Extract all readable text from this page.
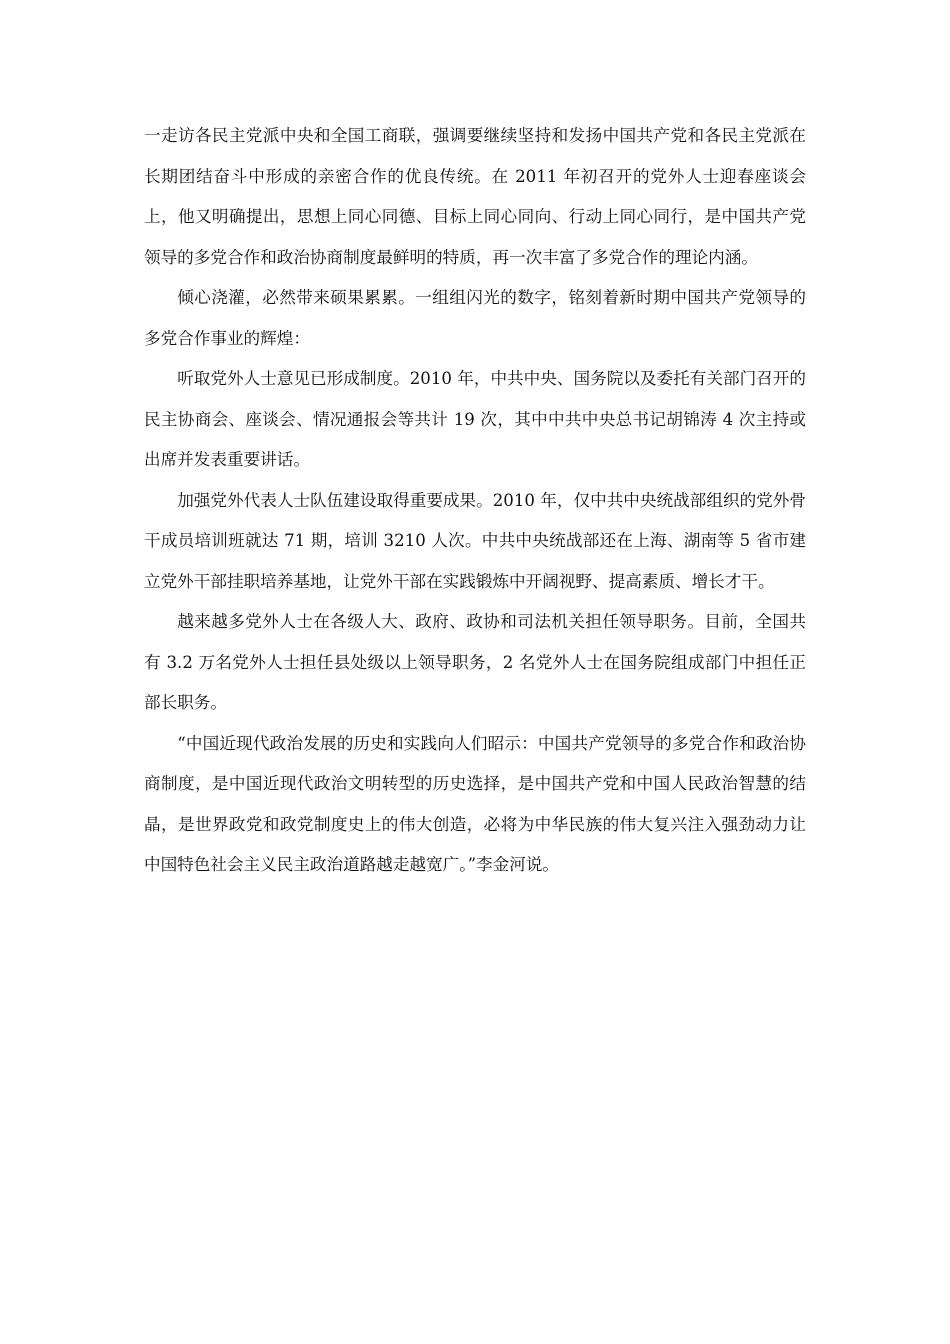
一走访各民主党派中央和全国工商联，强调要继续坚持和发扬中国共产党和各民主党派在长期团结奋斗中形成的亲密合作的优良传统。在 2011 年初召开的党外人士迎春座谈会上，他又明确提出，思想上同心同德、目标上同心同向、行动上同心同行，是中国共产党领导的多党合作和政治协商制度最鲜明的特质，再一次丰富了多党合作的理论内涵。

倾心浇灌，必然带来硕果累累。一组组闪光的数字，铭刻着新时期中国共产党领导的多党合作事业的辉煌：

听取党外人士意见已形成制度。2010 年，中共中央、国务院以及委托有关部门召开的民主协商会、座谈会、情况通报会等共计 19 次，其中中共中央总书记胡锦涛 4 次主持或出席并发表重要讲话。

加强党外代表人士队伍建设取得重要成果。2010 年，仅中共中央统战部组织的党外骨干成员培训班就达 71 期，培训 3210 人次。中共中央统战部还在上海、湖南等 5 省市建立党外干部挂职培养基地，让党外干部在实践锻炼中开阔视野、提高素质、增长才干。

越来越多党外人士在各级人大、政府、政协和司法机关担任领导职务。目前，全国共有 3.2 万名党外人士担任县处级以上领导职务，2 名党外人士在国务院组成部门中担任正部长职务。

“中国近现代政治发展的历史和实践向人们昭示：中国共产党领导的多党合作和政治协商制度，是中国近现代政治文明转型的历史选择，是中国共产党和中国人民政治智慧的结晶，是世界政党和政党制度史上的伟大创造，必将为中华民族的伟大复兴注入强劲动力让中国特色社会主义民主政治道路越走越宽广。”李金河说。
